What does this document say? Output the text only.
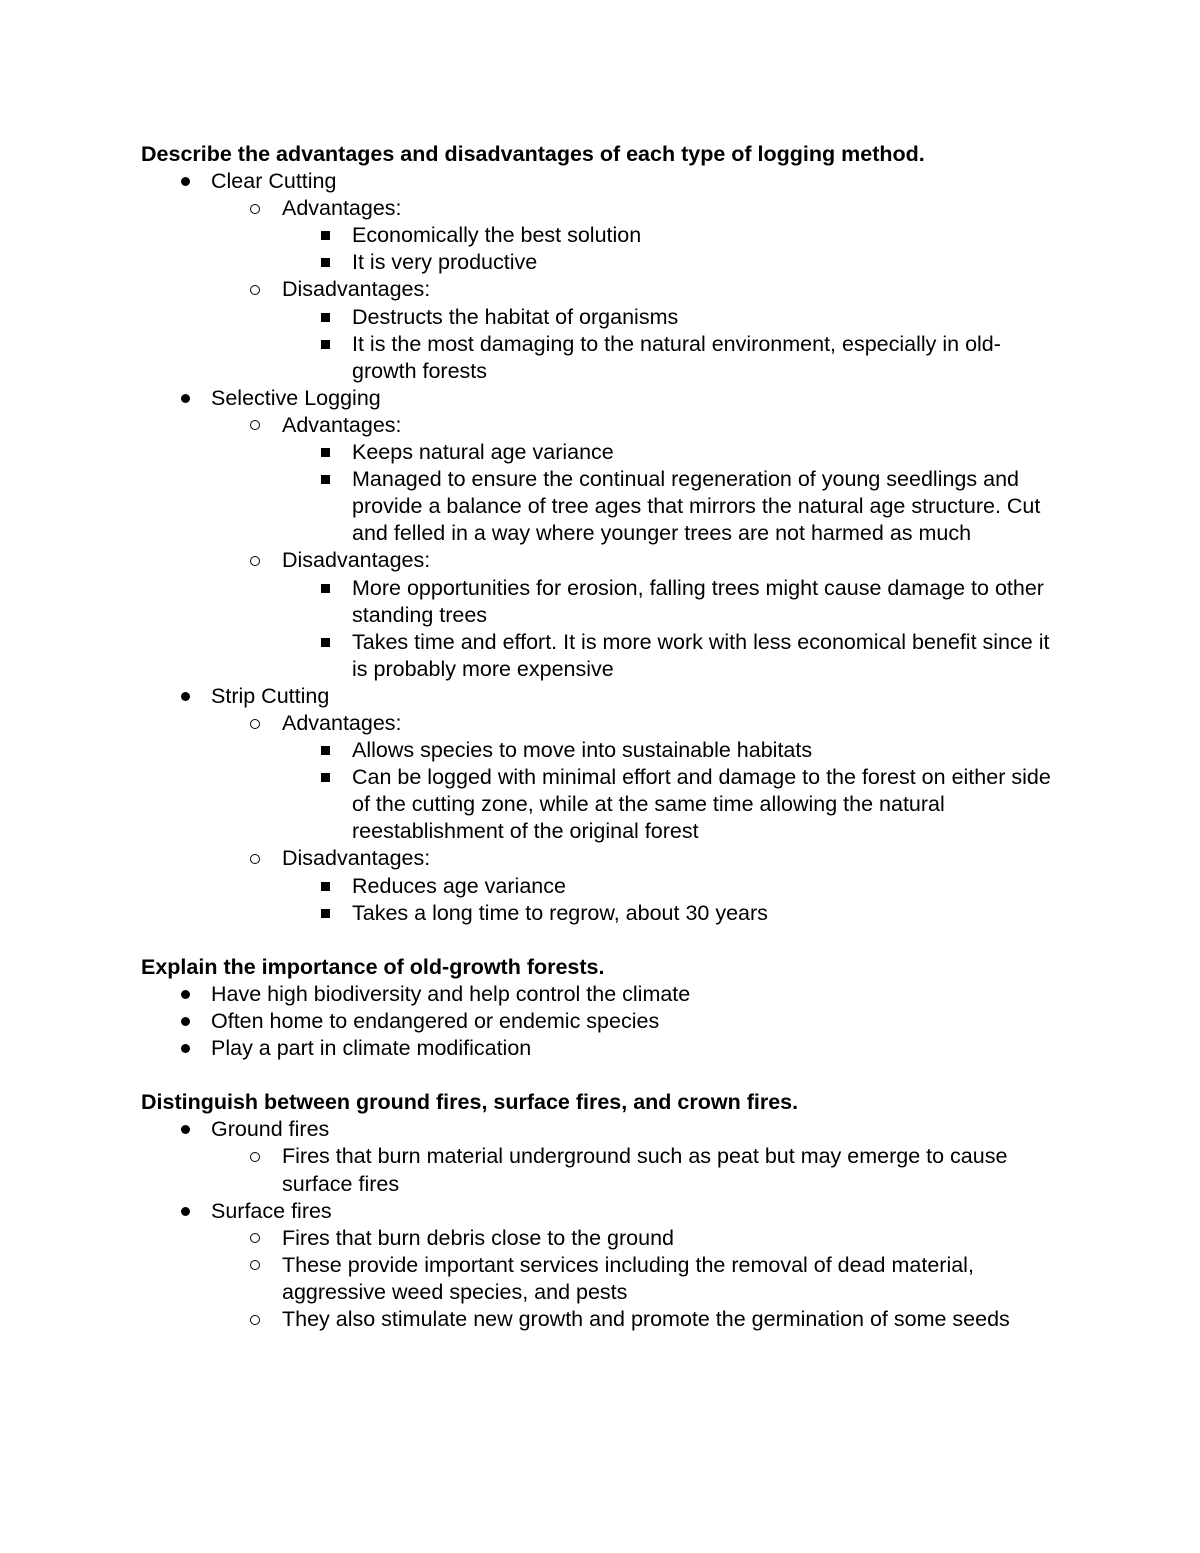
Describe the advantages and disadvantages of each type of logging method.

Clear Cutting
Advantages:
Economically the best solution
It is very productive
Disadvantages:
Destructs the habitat of organisms
It is the most damaging to the natural environment, especially in old-growth forests
Selective Logging
Advantages:
Keeps natural age variance
Managed to ensure the continual regeneration of young seedlings and provide a balance of tree ages that mirrors the natural age structure. Cut and felled in a way where younger trees are not harmed as much
Disadvantages:
More opportunities for erosion, falling trees might cause damage to other standing trees
Takes time and effort. It is more work with less economical benefit since it is probably more expensive
Strip Cutting
Advantages:
Allows species to move into sustainable habitats
Can be logged with minimal effort and damage to the forest on either side of the cutting zone, while at the same time allowing the natural reestablishment of the original forest
Disadvantages:
Reduces age variance
Takes a long time to regrow, about 30 years

Explain the importance of old-growth forests.

Have high biodiversity and help control the climate
Often home to endangered or endemic species
Play a part in climate modification

Distinguish between ground fires, surface fires, and crown fires.

Ground fires
Fires that burn material underground such as peat but may emerge to cause surface fires
Surface fires
Fires that burn debris close to the ground
These provide important services including the removal of dead material, aggressive weed species, and pests
They also stimulate new growth and promote the germination of some seeds
